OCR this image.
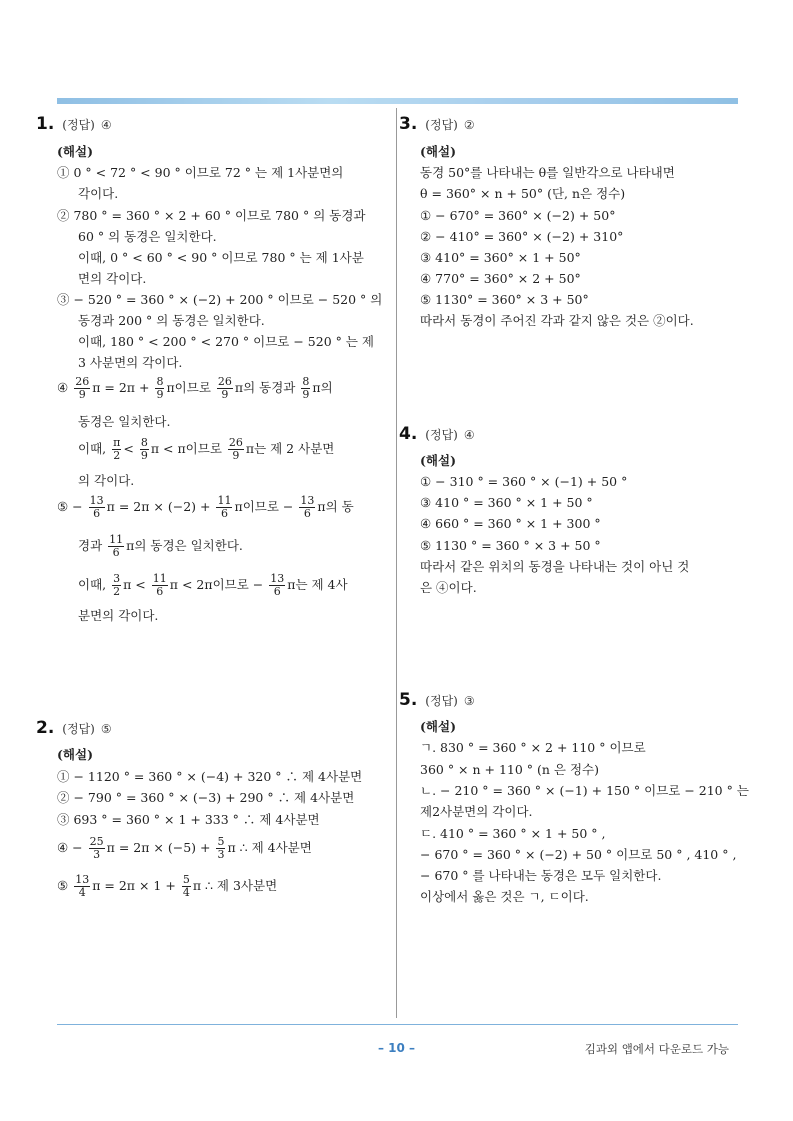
1. (정답) ④
(해설)
① 0 ° < 72 ° < 90 ° 이므로 72 ° 는 제 1사분면의
각이다.
② 780 ° = 360 ° × 2 + 60 ° 이므로 780 ° 의 동경과
60 ° 의 동경은 일치한다.
이때, 0 ° < 60 ° < 90 ° 이므로 780 ° 는 제 1사분
면의 각이다.
③ − 520 ° = 360 ° × (−2) + 200 ° 이므로 − 520 ° 의
동경과 200 ° 의 동경은 일치한다.
이때, 180 ° < 200 ° < 270 ° 이므로 − 520 ° 는 제
3 사분면의 각이다.
④ $\frac{26}{9}$ $\pi = 2\pi + \frac{8}{9}$ π이므로 $\frac{26}{9}$ π의 동경과 $\frac{8}{9}$ π의
동경은 일치한다.
이때, $\frac{\pi}{2} < \frac{8}{9}$ π < π이므로 $\frac{26}{9}$ π는 제 2 사분면
의 각이다.
⑤ − $\frac{13}{6}$ $\pi = 2\pi \times (-2) + \frac{11}{6}$ π이므로 − $\frac{13}{6}$ π의 동
경과 $\frac{11}{6}$ π의 동경은 일치한다.
이때, $\frac{3}{2}$ $\pi < \frac{11}{6}$ π < 2π이므로 − $\frac{13}{6}$ π는 제 4사
분면의 각이다.
2. (정답) ⑤
(해설)
① − 1120 ° = 360 ° × (−4) + 320 ° ∴ 제 4사분면
② − 790 ° = 360 ° × (−3) + 290 ° ∴ 제 4사분면
③ 693 ° = 360 ° × 1 + 333 ° ∴ 제 4사분면
④ − $\frac{25}{3}$ $\pi = 2\pi \times (-5) + \frac{5}{3}$ π ∴ 제 4사분면
⑤ $\frac{13}{4}$ $\pi = 2\pi \times 1 + \frac{5}{4}$ π ∴ 제 3사분면
3. (정답) ②
(해설)
동경 50°를 나타내는 θ를 일반각으로 나타내면
θ = 360° × n + 50° (단, n은 정수)
① − 670° = 360° × (−2) + 50°
② − 410° = 360° × (−2) + 310°
③ 410° = 360° × 1 + 50°
④ 770° = 360° × 2 + 50°
⑤ 1130° = 360° × 3 + 50°
따라서 동경이 주어진 각과 같지 않은 것은 ②이다.
4. (정답) ④
(해설)
① − 310 ° = 360 ° × (−1) + 50 °
③ 410 ° = 360 ° × 1 + 50 °
④ 660 ° = 360 ° × 1 + 300 °
⑤ 1130 ° = 360 ° × 3 + 50 °
따라서 같은 위치의 동경을 나타내는 것이 아닌 것
은 ④이다.
5. (정답) ③
(해설)
ㄱ. 830 ° = 360 ° × 2 + 110 ° 이므로
360 ° × n + 110 ° (n 은 정수)
ㄴ. − 210 ° = 360 ° × (−1) + 150 ° 이므로 − 210 ° 는
제2사분면의 각이다.
ㄷ. 410 ° = 360 ° × 1 + 50 ° ,
− 670 ° = 360 ° × (−2) + 50 ° 이므로 50 ° , 410 ° ,
− 670 ° 를 나타내는 동경은 모두 일치한다.
이상에서 옳은 것은 ㄱ, ㄷ이다.
– 10 –	김과외 앱에서 다운로드 가능
